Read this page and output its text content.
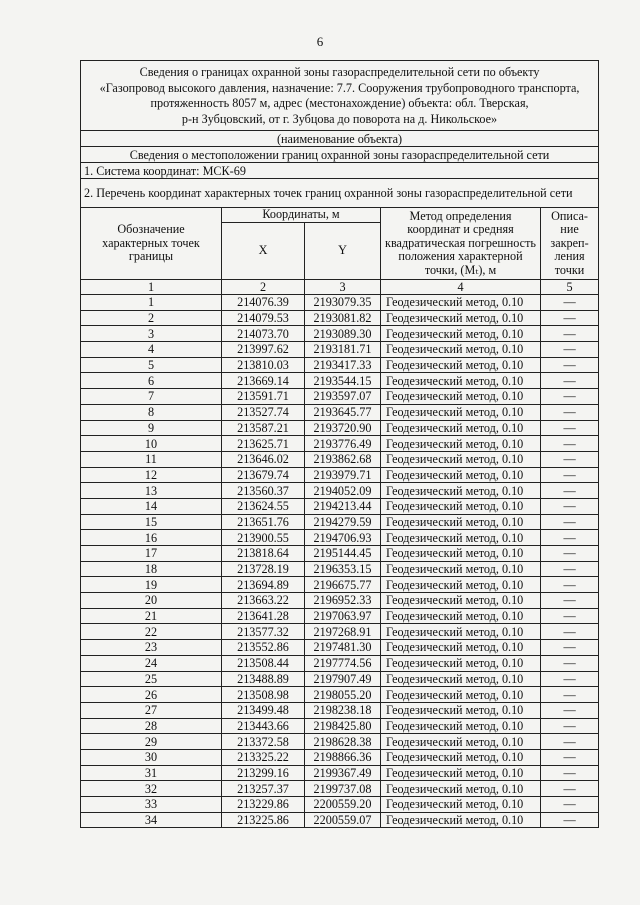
6
Сведения о границах охранной зоны газораспределительной сети по объекту
«Газопровод высокого давления, назначение: 7.7. Сооружения трубопроводного транспорта,
протяженность 8057 м, адрес (местонахождение) объекта: обл. Тверская,
р-н Зубцовский, от г. Зубцова до поворота на д. Никольское»				

(наименование объекта)				
Сведения о местоположении границ охранной зоны газораспределительной сети				
1. Система координат: МСК-69				
2. Перечень координат характерных точек границ охранной зоны газораспределительной сети				
Обозначение характерных точек границы	Координаты, м		Метод определения координат и средняя квадратическая погрешность положения характерной точки, (Mₜ), м	Описа-ние закреп-ления точки
	X	Y		
1	2	3	4	5
1	214076.39	2193079.35	Геодезический метод, 0.10	—
2	214079.53	2193081.82	Геодезический метод, 0.10	—
3	214073.70	2193089.30	Геодезический метод, 0.10	—
4	213997.62	2193181.71	Геодезический метод, 0.10	—
5	213810.03	2193417.33	Геодезический метод, 0.10	—
6	213669.14	2193544.15	Геодезический метод, 0.10	—
7	213591.71	2193597.07	Геодезический метод, 0.10	—
8	213527.74	2193645.77	Геодезический метод, 0.10	—
9	213587.21	2193720.90	Геодезический метод, 0.10	—
10	213625.71	2193776.49	Геодезический метод, 0.10	—
11	213646.02	2193862.68	Геодезический метод, 0.10	—
12	213679.74	2193979.71	Геодезический метод, 0.10	—
13	213560.37	2194052.09	Геодезический метод, 0.10	—
14	213624.55	2194213.44	Геодезический метод, 0.10	—
15	213651.76	2194279.59	Геодезический метод, 0.10	—
16	213900.55	2194706.93	Геодезический метод, 0.10	—
17	213818.64	2195144.45	Геодезический метод, 0.10	—
18	213728.19	2196353.15	Геодезический метод, 0.10	—
19	213694.89	2196675.77	Геодезический метод, 0.10	—
20	213663.22	2196952.33	Геодезический метод, 0.10	—
21	213641.28	2197063.97	Геодезический метод, 0.10	—
22	213577.32	2197268.91	Геодезический метод, 0.10	—
23	213552.86	2197481.30	Геодезический метод, 0.10	—
24	213508.44	2197774.56	Геодезический метод, 0.10	—
25	213488.89	2197907.49	Геодезический метод, 0.10	—
26	213508.98	2198055.20	Геодезический метод, 0.10	—
27	213499.48	2198238.18	Геодезический метод, 0.10	—
28	213443.66	2198425.80	Геодезический метод, 0.10	—
29	213372.58	2198628.38	Геодезический метод, 0.10	—
30	213325.22	2198866.36	Геодезический метод, 0.10	—
31	213299.16	2199367.49	Геодезический метод, 0.10	—
32	213257.37	2199737.08	Геодезический метод, 0.10	—
33	213229.86	2200559.20	Геодезический метод, 0.10	—
34	213225.86	2200559.07	Геодезический метод, 0.10	—
